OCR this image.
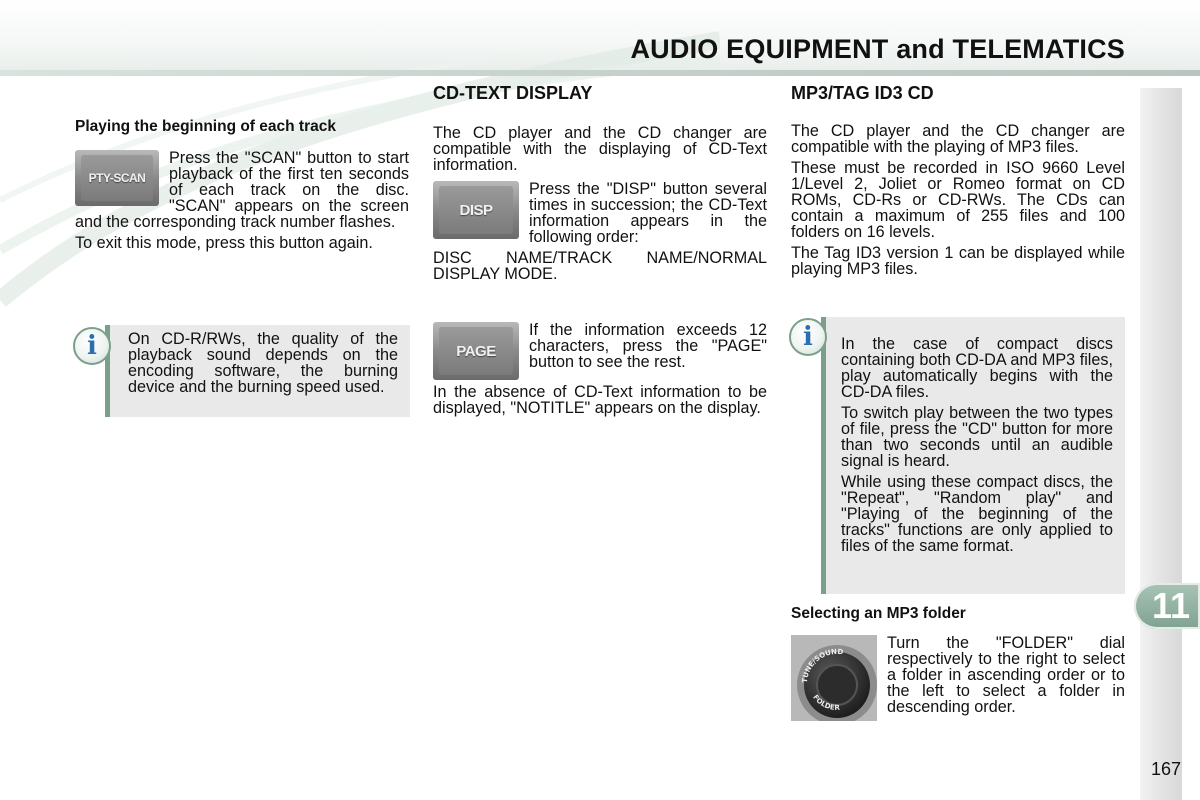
AUDIO EQUIPMENT and TELEMATICS
11
167
Playing the beginning of each track
PTY-SCAN

Press the "SCAN" button to start playback of the first ten seconds of each track on the disc. "SCAN" appears on the screen and the corresponding track number flashes.

To exit this mode, press this button again.

On CD-R/RWs, the quality of the playback sound depends on the encoding software, the burning device and the burning speed used.

i
CD-TEXT DISPLAY

The CD player and the CD changer are compatible with the displaying of CD-Text information.

DISP

Press the "DISP" button several times in succession; the CD-Text information appears in the following order:

DISC NAME/TRACK NAME/NORMAL DISPLAY MODE.

PAGE

If the information exceeds 12 characters, press the "PAGE" button to see the rest.

In the absence of CD-Text information to be displayed, "NOTITLE" appears on the display.

MP3/TAG ID3 CD

The CD player and the CD changer are compatible with the playing of MP3 files.

These must be recorded in ISO 9660 Level 1/Level 2, Joliet or Romeo format on CD ROMs, CD-Rs or CD-RWs. The CDs can contain a maximum of 255 files and 100 folders on 16 levels.

The Tag ID3 version 1 can be displayed while playing MP3 files.

In the case of compact discs containing both CD-DA and MP3 files, play automatically begins with the CD-DA files.

To switch play between the two types of file, press the "CD" button for more than two seconds until an audible signal is heard.

While using these compact discs, the "Repeat", "Random play" and "Playing of the beginning of the tracks" functions are only applied to files of the same format.

i
Selecting an MP3 folder
TUNE/SOUND
FOLDER

Turn the "FOLDER" dial respectively to the right to select a folder in ascending order or to the left to select a folder in descending order.
